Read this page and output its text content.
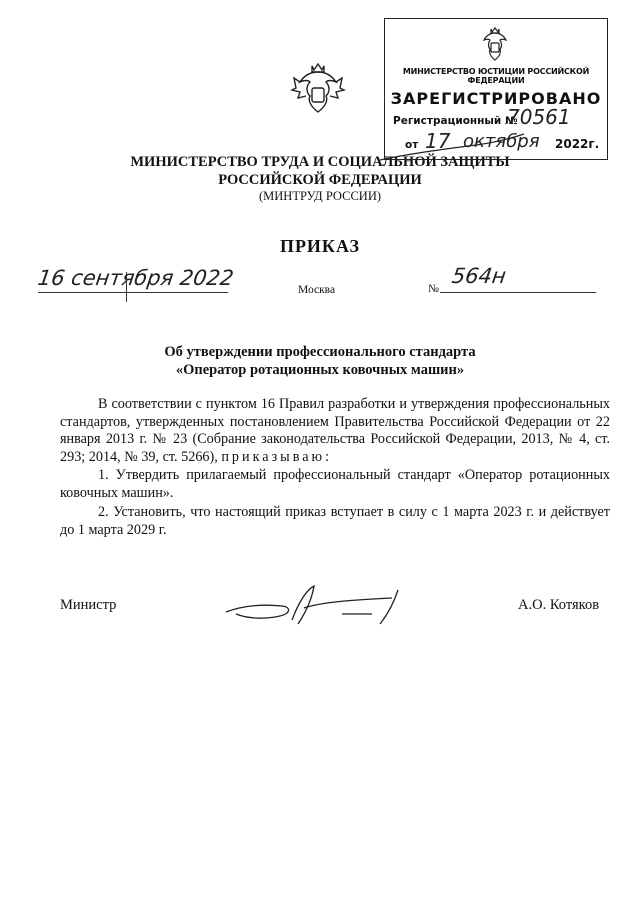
МИНИСТЕРСТВО ТРУДА И СОЦИАЛЬНОЙ ЗАЩИТЫ
РОССИЙСКОЙ ФЕДЕРАЦИИ
(МИНТРУД РОССИИ)
МИНИСТЕРСТВО ЮСТИЦИИ РОССИЙСКОЙ ФЕДЕРАЦИИ
ЗАРЕГИСТРИРОВАНО
Регистрационный №
70561
от 17 октября 2022г.
ПРИКАЗ
16 сентября 2022	Москва	№
564н
Об утверждении профессионального стандарта
«Оператор ротационных ковочных машин»
В соответствии с пунктом 16 Правил разработки и утверждения профессиональных стандартов, утвержденных постановлением Правительства Российской Федерации от 22 января 2013 г. № 23 (Собрание законодательства Российской Федерации, 2013, № 4, ст. 293; 2014, № 39, ст. 5266), приказываю:
1. Утвердить прилагаемый профессиональный стандарт «Оператор ротационных ковочных машин».
2. Установить, что настоящий приказ вступает в силу с 1 марта 2023 г. и действует до 1 марта 2029 г.
Министр	А.О. Котяков
